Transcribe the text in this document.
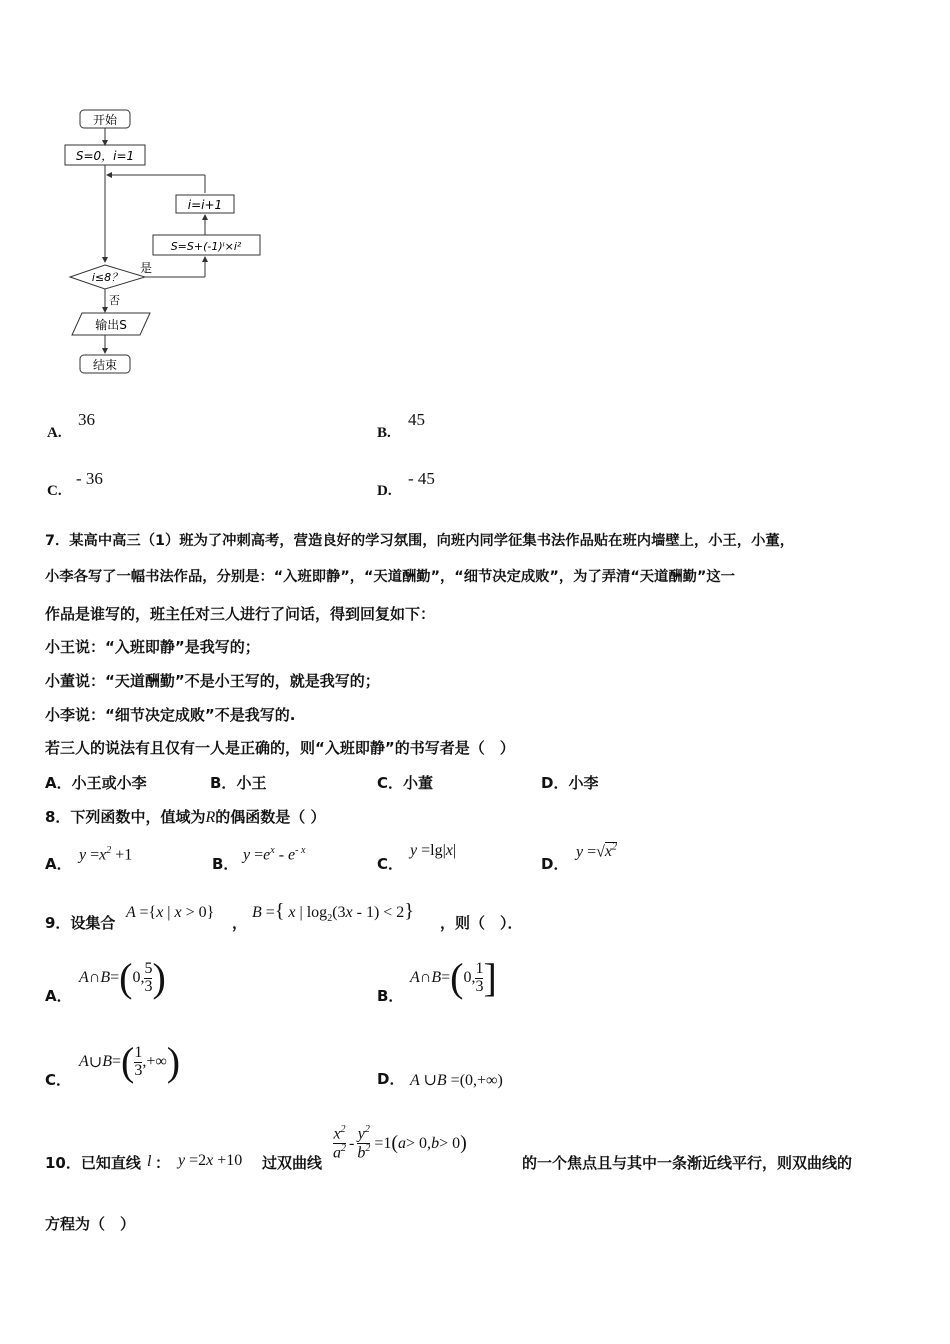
开始
S=0，i=1
i=i+1
S=S+(-1)ⁱ×i²
i≤8？
是
否
输出S
结束
A.
36
B.
45
C.
- 36
D.
- 45
7．某高中高三（1）班为了冲刺高考，营造良好的学习氛围，向班内同学征集书法作品贴在班内墙壁上，小王，小董，
小李各写了一幅书法作品，分别是：“入班即静”，“天道酬勤”，“细节决定成败”，为了弄清“天道酬勤”这一
作品是谁写的，班主任对三人进行了问话，得到回复如下：
小王说：“入班即静”是我写的；
小董说：“天道酬勤”不是小王写的，就是我写的；
小李说：“细节决定成败”不是我写的.
若三人的说法有且仅有一人是正确的，则“入班即静”的书写者是（　）
A．小王或小李	B．小王	C．小董	D．小李
8．下列函数中，值域为R的偶函数是（ ）
A．
$y =x^2 +1$
B．
$y =e^x - e^{- x}$
C．
y =lg|x|
D．
$y =√x^2$
9．设集合
A ={x | x > 0}
，
B ={ x | $\log_2(3x - 1) < 2$}
，则（　）．
A．
A ∩ B = ( 0, $\frac{5}{3}$ )	B．
A ∩ B = ( 0, $\frac{1}{3}$ ]
C．
A ∪ B = ( $\frac{1}{3}$ ,+∞ )	D． A ∪B =(0,+∞)
10．已知直线 l ： y =2x +10 过双曲线
$\frac{x^2}{a^2} - \frac{y^2}{b^2} =1$ ( a > 0, b > 0 )
的一个焦点且与其中一条渐近线平行，则双曲线的
方程为（　）
